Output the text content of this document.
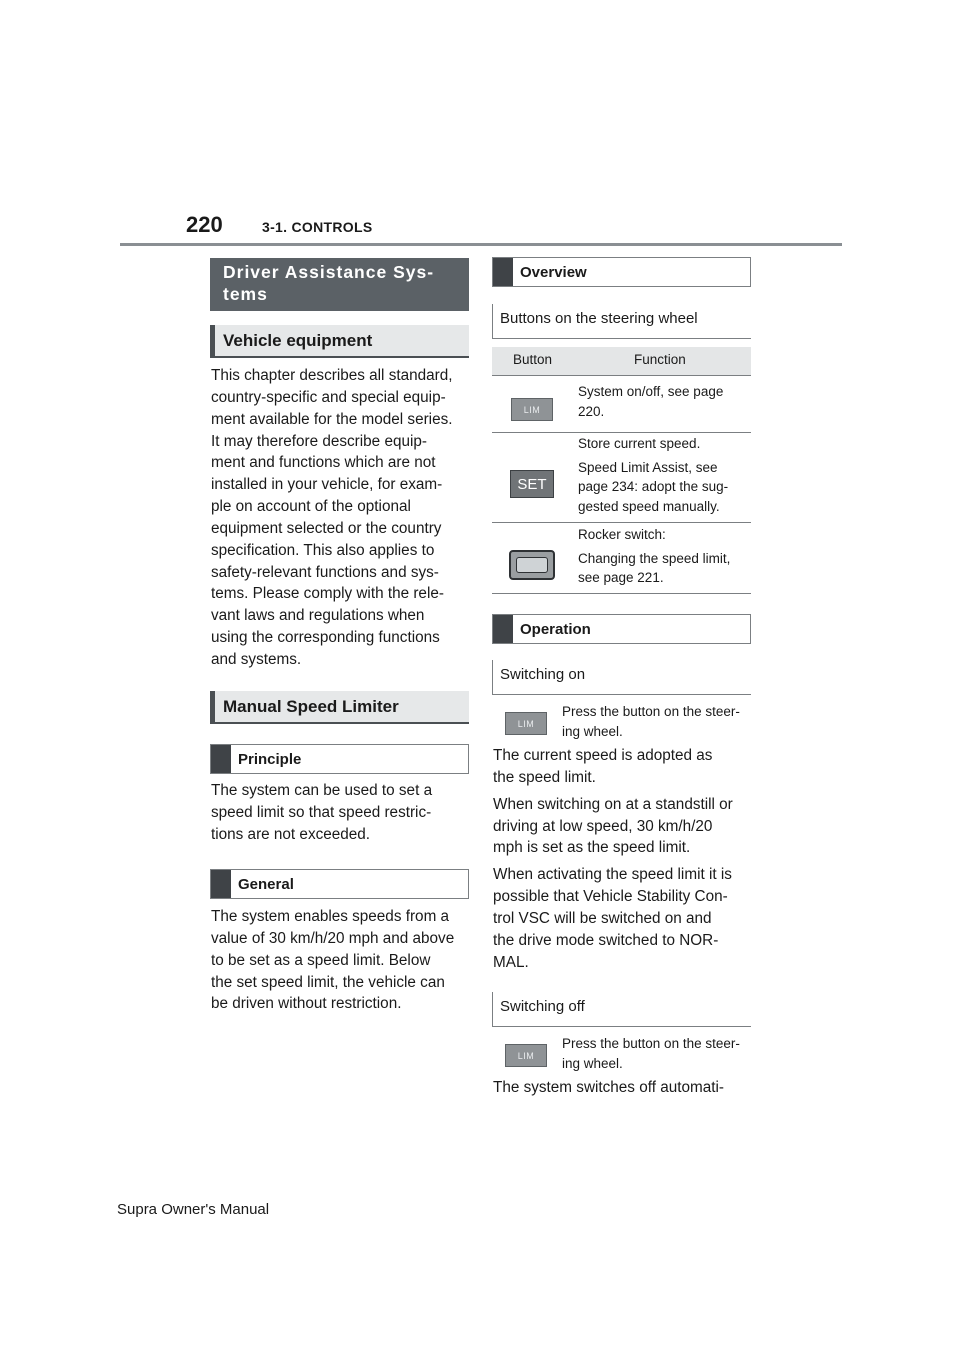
220	3-1. CONTROLS
Driver Assistance Sys-
tems
Vehicle equipment
This chapter describes all standard,
country-specific and special equip-
ment available for the model series.
It may therefore describe equip-
ment and functions which are not
installed in your vehicle, for exam-
ple on account of the optional
equipment selected or the country
specification. This also applies to
safety-relevant functions and sys-
tems. Please comply with the rele-
vant laws and regulations when
using the corresponding functions
and systems.
Manual Speed Limiter
Principle
The system can be used to set a
speed limit so that speed restric-
tions are not exceeded.
General
The system enables speeds from a
value of 30 km/h/20 mph and above
to be set as a speed limit. Below
the set speed limit, the vehicle can
be driven without restriction.
Overview
Buttons on the steering wheel
Button	Function
LIM
System on/off, see page
220.
SET

Store current speed.

Speed Limit Assist, see page 234: adopt the sug-gested speed manually.

Rocker switch:

Changing the speed limit, see page 221.

Operation
Switching on
LIM
Press the button on the steer-
ing wheel.

The current speed is adopted as
the speed limit.

When switching on at a standstill or
driving at low speed, 30 km/h/20
mph is set as the speed limit.

When activating the speed limit it is
possible that Vehicle Stability Con-
trol VSC will be switched on and
the drive mode switched to NOR-
MAL.

Switching off
LIM
Press the button on the steer-
ing wheel.

The system switches off automati-

Supra Owner's Manual
